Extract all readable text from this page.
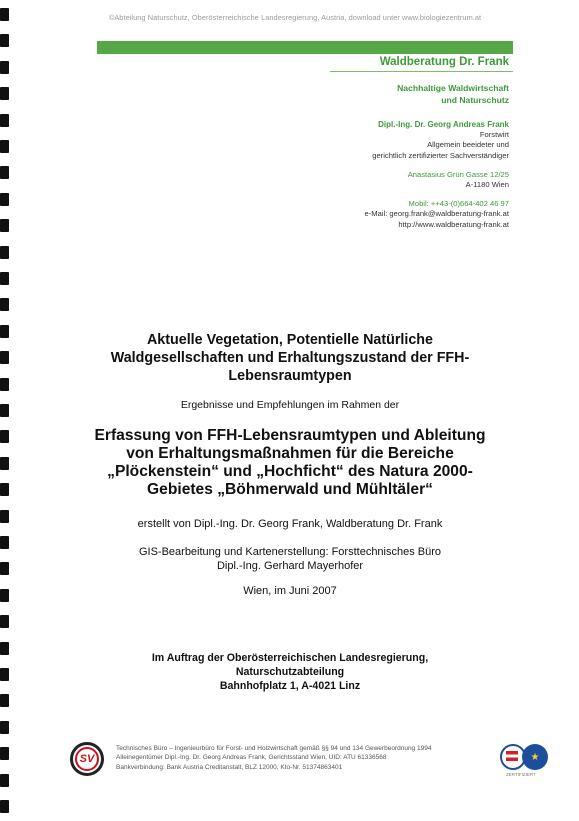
©Abteilung Naturschutz, Oberösterreichische Landesregierung, Austria, download unter www.biologiezentrum.at
Waldberatung Dr. Frank
Nachhaltige Waldwirtschaft
und Naturschutz
Dipl.-Ing. Dr. Georg Andreas Frank
Forstwirt
Allgemein beeideter und
gerichtlich zertifizierter Sachverständiger
Anastasius Grün Gasse 12/25
A-1180 Wien
Mobil: ++43-(0)664-402 46 97
e-Mail: georg.frank@waldberatung-frank.at
http://www.waldberatung-frank.at
Aktuelle Vegetation, Potentielle Natürliche
Waldgesellschaften und Erhaltungszustand der FFH-
Lebensraumtypen
Ergebnisse und Empfehlungen im Rahmen der
Erfassung von FFH-Lebensraumtypen und Ableitung
von Erhaltungsmaßnahmen für die Bereiche
„Plöckenstein“ und „Hochficht“ des Natura 2000-
Gebietes „Böhmerwald und Mühltäler“
erstellt von Dipl.-Ing. Dr. Georg Frank, Waldberatung Dr. Frank
GIS-Bearbeitung und Kartenerstellung: Forsttechnisches Büro
Dipl.-Ing. Gerhard Mayerhofer
Wien, im Juni 2007
Im Auftrag der Oberösterreichischen Landesregierung,
Naturschutzabteilung
Bahnhofplatz 1, A-4021 Linz
SV
Technisches Büro – Ingenieurbüro für Forst- und Holzwirtschaft gemäß §§ 94 und 134 Gewerbeordnung 1994
Alleinegentümer Dipl.-Ing. Dr. Georg Andreas Frank, Gerichtsstand Wien, UID: ATU 61336568
Bankverbindung: Bank Austria Creditanstalt, BLZ 12000, Kto-Nr. 51374863401
★
ZERTIFIZIERT
